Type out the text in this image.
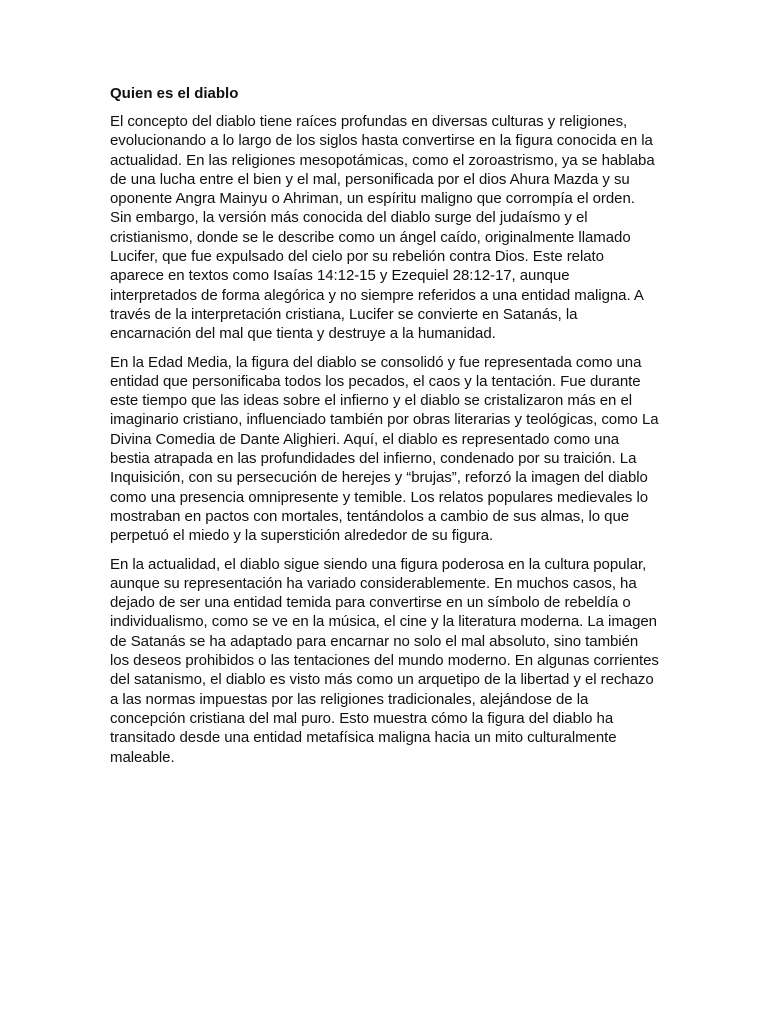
Quien es el diablo

El concepto del diablo tiene raíces profundas en diversas culturas y religiones, evolucionando a lo largo de los siglos hasta convertirse en la figura conocida en la actualidad. En las religiones mesopotámicas, como el zoroastrismo, ya se hablaba de una lucha entre el bien y el mal, personificada por el dios Ahura Mazda y su oponente Angra Mainyu o Ahriman, un espíritu maligno que corrompía el orden. Sin embargo, la versión más conocida del diablo surge del judaísmo y el cristianismo, donde se le describe como un ángel caído, originalmente llamado Lucifer, que fue expulsado del cielo por su rebelión contra Dios. Este relato aparece en textos como Isaías 14:12-15 y Ezequiel 28:12-17, aunque interpretados de forma alegórica y no siempre referidos a una entidad maligna. A través de la interpretación cristiana, Lucifer se convierte en Satanás, la encarnación del mal que tienta y destruye a la humanidad.

En la Edad Media, la figura del diablo se consolidó y fue representada como una entidad que personificaba todos los pecados, el caos y la tentación. Fue durante este tiempo que las ideas sobre el infierno y el diablo se cristalizaron más en el imaginario cristiano, influenciado también por obras literarias y teológicas, como La Divina Comedia de Dante Alighieri. Aquí, el diablo es representado como una bestia atrapada en las profundidades del infierno, condenado por su traición. La Inquisición, con su persecución de herejes y “brujas”, reforzó la imagen del diablo como una presencia omnipresente y temible. Los relatos populares medievales lo mostraban en pactos con mortales, tentándolos a cambio de sus almas, lo que perpetuó el miedo y la superstición alrededor de su figura.

En la actualidad, el diablo sigue siendo una figura poderosa en la cultura popular, aunque su representación ha variado considerablemente. En muchos casos, ha dejado de ser una entidad temida para convertirse en un símbolo de rebeldía o individualismo, como se ve en la música, el cine y la literatura moderna. La imagen de Satanás se ha adaptado para encarnar no solo el mal absoluto, sino también los deseos prohibidos o las tentaciones del mundo moderno. En algunas corrientes del satanismo, el diablo es visto más como un arquetipo de la libertad y el rechazo a las normas impuestas por las religiones tradicionales, alejándose de la concepción cristiana del mal puro. Esto muestra cómo la figura del diablo ha transitado desde una entidad metafísica maligna hacia un mito culturalmente maleable.
